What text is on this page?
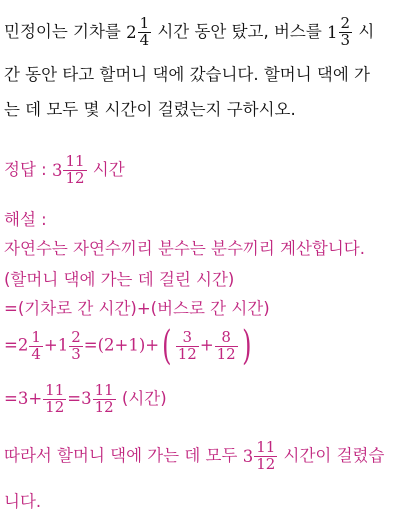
민정이는 기차를 $2 \frac{1}{4}$ 시간 동안 탔고, 버스를 $1 \frac{2}{3}$ 시
간 동안 타고 할머니 댁에 갔습니다. 할머니 댁에 가
는 데 모두 몇 시간이 걸렸는지 구하시오.
정답 : $3 \frac{11}{12}$ 시간
해설 :
자연수는 자연수끼리 분수는 분수끼리 계산합니다.
(할머니 댁에 가는 데 걸린 시간)
=(기차로 간 시간)+(버스로 간 시간)
$=2 \frac{1}{4} +1 \frac{2}{3} =(2+1)+( \frac{3}{12} + \frac{8}{12}$ )
$=3+ \frac{11}{12} =3 \frac{11}{12}$ (시간)
따라서 할머니 댁에 가는 데 모두 $3 \frac{11}{12}$ 시간이 걸렸습
니다.
